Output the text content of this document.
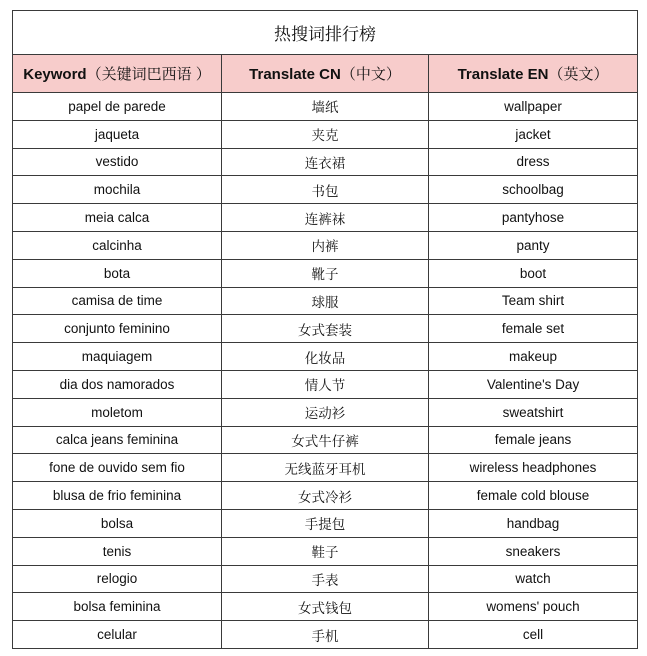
热搜词排行榜		
Keyword（关键词巴西语 ）	Translate CN（中文）	Translate EN（英文）
papel de parede	墙纸	wallpaper
jaqueta	夹克	jacket
vestido	连衣裙	dress
mochila	书包	schoolbag
meia calca	连裤袜	pantyhose
calcinha	内裤	panty
bota	靴子	boot
camisa de time	球服	Team shirt
conjunto feminino	女式套装	female set
maquiagem	化妆品	makeup
dia dos namorados	情人节	Valentine's Day
moletom	运动衫	sweatshirt
calca jeans feminina	女式牛仔裤	female jeans
fone de ouvido sem fio	无线蓝牙耳机	wireless headphones
blusa de frio feminina	女式冷衫	female cold blouse
bolsa	手提包	handbag
tenis	鞋子	sneakers
relogio	手表	watch
bolsa feminina	女式钱包	womens' pouch
celular	手机	cell
